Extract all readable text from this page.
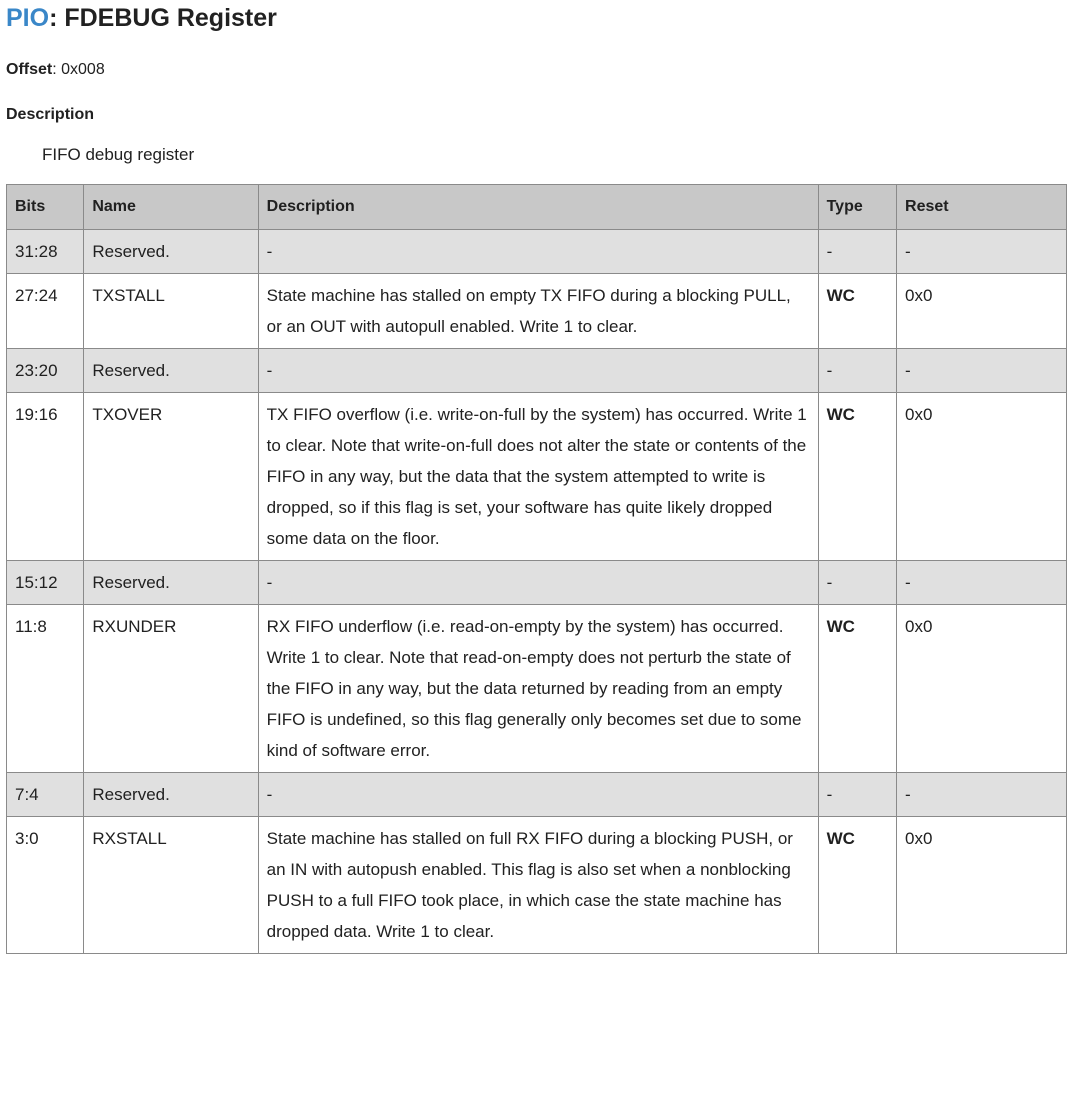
PIO: FDEBUG Register
Offset: 0x008
Description
FIFO debug register
Bits	Name	Description	Type	Reset
31:28	Reserved.	-	-	-
27:24	TXSTALL	State machine has stalled on empty TX FIFO during a blocking PULL, or an OUT with autopull enabled. Write 1 to clear.	WC	0x0
23:20	Reserved.	-	-	-
19:16	TXOVER	TX FIFO overflow (i.e. write-on-full by the system) has occurred. Write 1 to clear. Note that write-on-full does not alter the state or contents of the FIFO in any way, but the data that the system attempted to write is dropped, so if this flag is set, your software has quite likely dropped some data on the floor.	WC	0x0
15:12	Reserved.	-	-	-
11:8	RXUNDER	RX FIFO underflow (i.e. read-on-empty by the system) has occurred. Write 1 to clear. Note that read-on-empty does not perturb the state of the FIFO in any way, but the data returned by reading from an empty FIFO is undefined, so this flag generally only becomes set due to some kind of software error.	WC	0x0
7:4	Reserved.	-	-	-
3:0	RXSTALL	State machine has stalled on full RX FIFO during a blocking PUSH, or an IN with autopush enabled. This flag is also set when a nonblocking PUSH to a full FIFO took place, in which case the state machine has dropped data. Write 1 to clear.	WC	0x0
